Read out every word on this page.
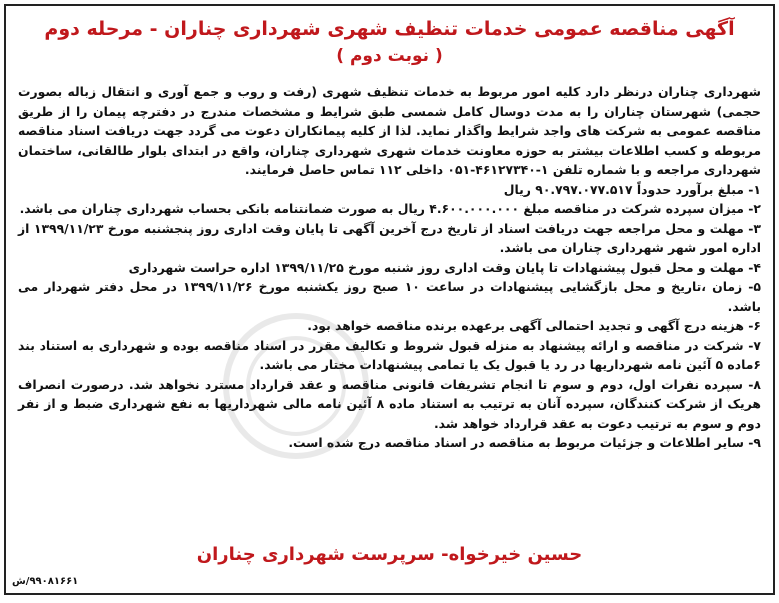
آگهی مناقصه عمومی خدمات تنظیف شهری شهرداری چناران - مرحله دوم
( نوبت دوم )

شهرداری چناران درنظر دارد کلیه امور مربوط به خدمات تنظیف شهری (رفت و روب و جمع آوری و انتقال زباله بصورت حجمی) شهرستان چناران را به مدت دوسال کامل شمسی طبق شرایط و مشخصات مندرج در دفترچه پیمان را از طریق مناقصه عمومی به شرکت های واجد شرایط واگذار نماید. لذا از کلیه پیمانکاران دعوت می گردد جهت دریافت اسناد مناقصه مربوطه و کسب اطلاعات بیشتر به حوزه معاونت خدمات شهری شهرداری چناران، واقع در ابتدای بلوار طالقانی، ساختمان شهرداری مراجعه و با شماره تلفن ۱-۴۶۱۲۷۳۴۰-۰۵۱ داخلی ۱۱۲ تماس حاصل فرمایند.

۱- مبلغ برآورد حدوداً ۹۰.۷۹۷.۰۷۷.۵۱۷ ریال
۲- میزان سپرده شرکت در مناقصه مبلغ ۴.۶۰۰.۰۰۰.۰۰۰ ریال به صورت ضمانتنامه بانکی بحساب شهرداری چناران می باشد.
۳- مهلت و محل مراجعه جهت دریافت اسناد از تاریخ درج آخرین آگهی تا پایان وقت اداری روز پنجشنبه مورخ ۱۳۹۹/۱۱/۲۳ از اداره امور شهر شهرداری چناران می باشد.
۴- مهلت و محل قبول پیشنهادات تا پایان وقت اداری روز شنبه مورخ ۱۳۹۹/۱۱/۲۵ اداره حراست شهرداری
۵- زمان ،تاریخ و محل بازگشایی پیشنهادات در ساعت ۱۰ صبح روز یکشنبه مورخ ۱۳۹۹/۱۱/۲۶ در محل دفتر شهردار می باشد.
۶- هزینه درج آگهی و تجدید احتمالی آگهی برعهده برنده مناقصه خواهد بود.
۷- شرکت در مناقصه و ارائه پیشنهاد به منزله قبول شروط و تکالیف مقرر در اسناد مناقصه بوده و شهرداری به استناد بند ۶ماده ۵ آئین نامه شهرداریها در رد یا قبول یک یا تمامی پیشنهادات مختار می باشد.
۸- سپرده نفرات اول، دوم و سوم تا انجام تشریفات قانونی مناقصه و عقد قرارداد مسترد نخواهد شد. درصورت انصراف هریک از شرکت کنندگان، سپرده آنان به ترتیب به استناد ماده ۸ آئین نامه مالی شهرداریها به نفع شهرداری ضبط و از نفر دوم و سوم به ترتیب دعوت به عقد قرارداد خواهد شد.
۹- سایر اطلاعات و جزئیات مربوط به مناقصه در اسناد مناقصه درج شده است.
حسین خیرخواه- سرپرست شهرداری چناران
۹۹۰۸۱۶۶۱/ش
